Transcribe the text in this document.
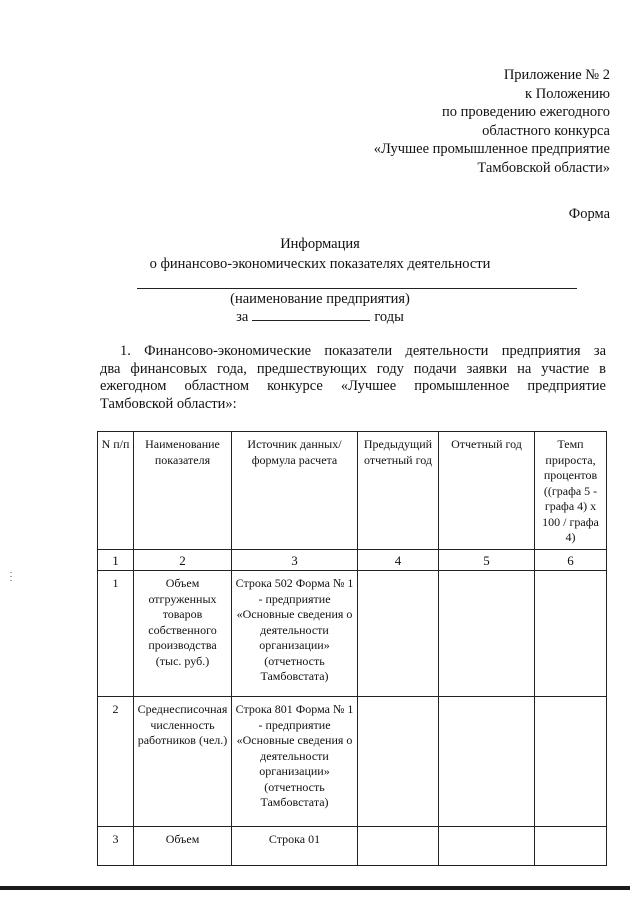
Приложение № 2
к Положению
по проведению ежегодного
областного конкурса
«Лучшее промышленное предприятие
Тамбовской области»
Форма
Информация
о финансово-экономических показателях деятельности
(наименование предприятия)
за	годы
1. Финансово-экономические показатели деятельности предприятия за
два финансовых года, предшествующих году подачи заявки на участие в
ежегодном областном конкурсе «Лучшее промышленное предприятие
Тамбовской области»:
N п/п	Наименование показателя	Источник данных/формула расчета	Предыдущий отчетный год	Отчетный год	Темп прироста, процентов ((графа 5 - графа 4) x 100 / графа 4)
1	2	3	4	5	6
1	Объем отгруженных товаров собственного производства (тыс. руб.)	Строка 502 Форма № 1 - предприятие «Основные сведения о деятельности организации» (отчетность Тамбовстата)			
2	Среднесписочная численность работников (чел.)	Строка 801 Форма № 1 - предприятие «Основные сведения о деятельности организации» (отчетность Тамбовстата)			
3	Объем	Строка 01			
